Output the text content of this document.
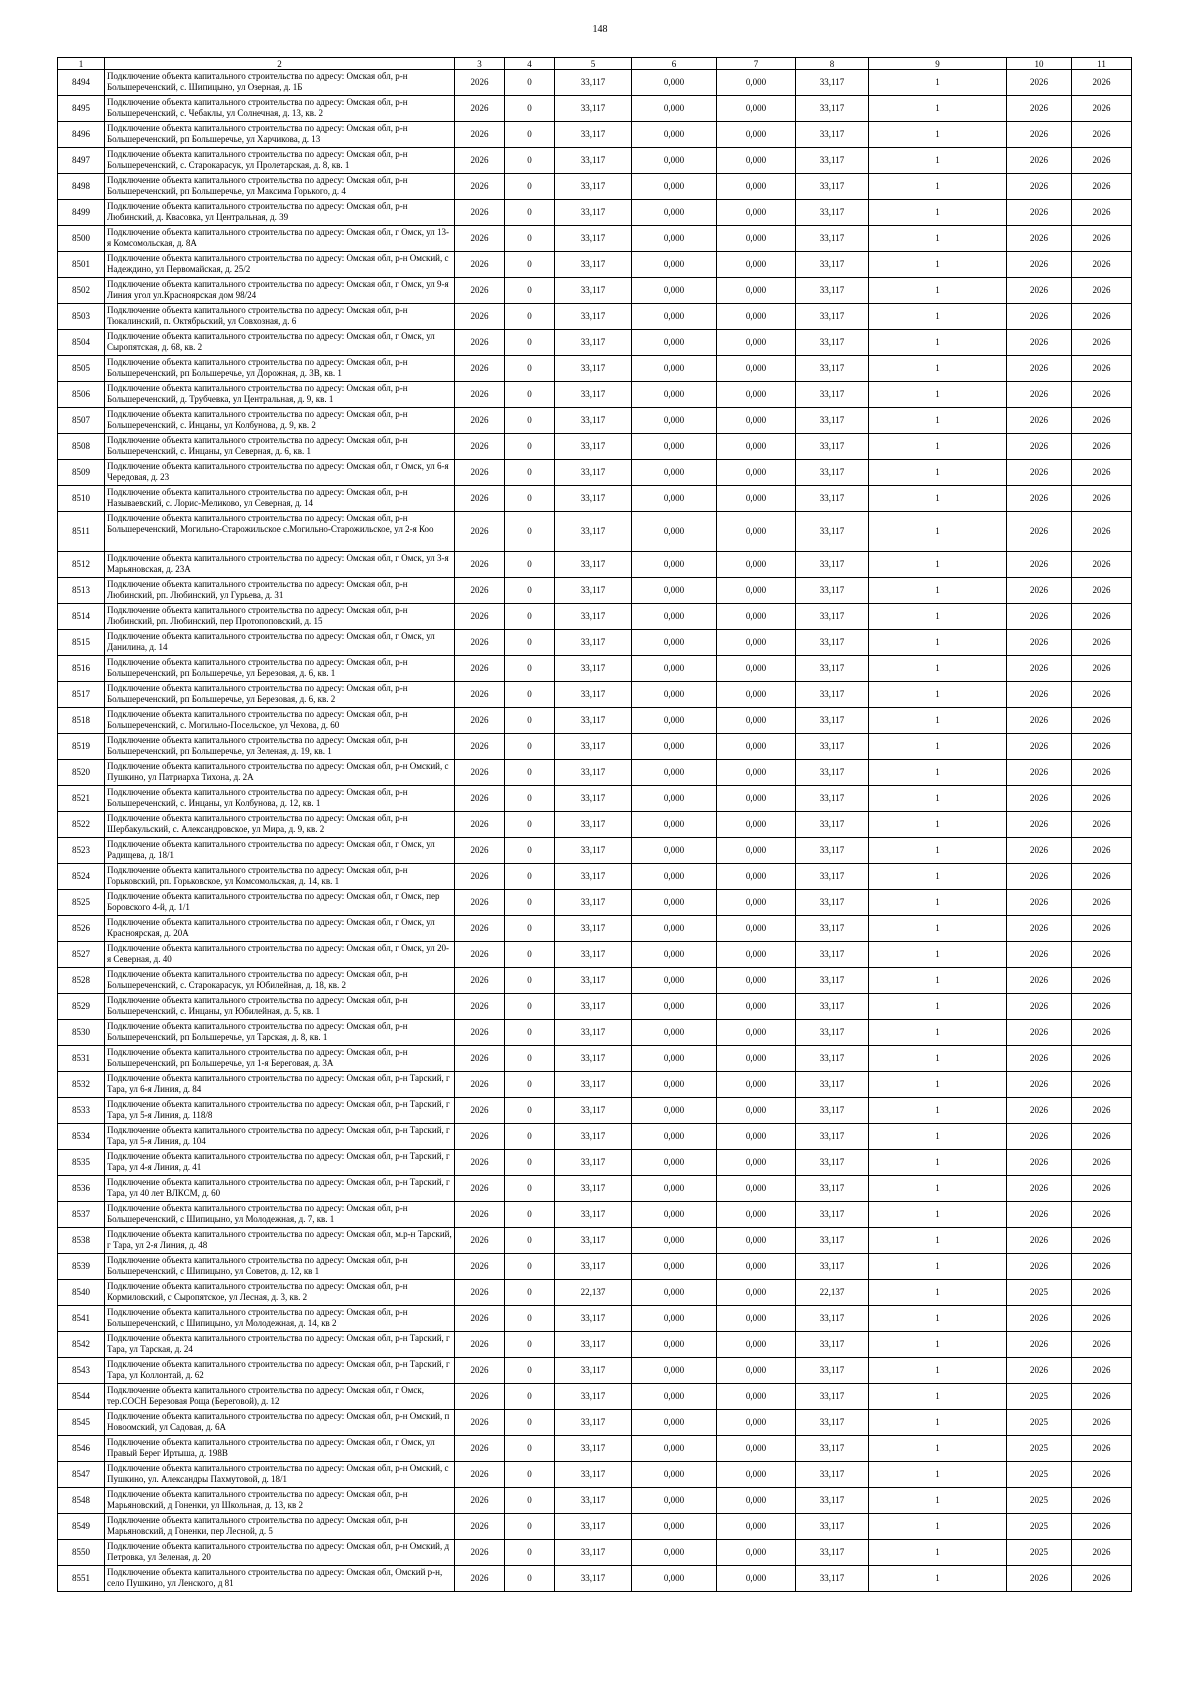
148
1	2	3	4	5	6	7	8	9	10	11
8494	Подключение объекта капитального строительства по адресу: Омская обл, р-н Большереченский, с. Шипицыно, ул Озерная, д. 1Б	2026	0	33,117	0,000	0,000	33,117	1	2026	2026
8495	Подключение объекта капитального строительства по адресу: Омская обл, р-н Большереченский, с. Чебаклы, ул Солнечная, д. 13, кв. 2	2026	0	33,117	0,000	0,000	33,117	1	2026	2026
8496	Подключение объекта капитального строительства по адресу: Омская обл, р-н Большереченский, рп Большеречье, ул Харчикова, д. 13	2026	0	33,117	0,000	0,000	33,117	1	2026	2026
8497	Подключение объекта капитального строительства по адресу: Омская обл, р-н Большереченский, с. Старокарасук, ул Пролетарская, д. 8, кв. 1	2026	0	33,117	0,000	0,000	33,117	1	2026	2026
8498	Подключение объекта капитального строительства по адресу: Омская обл, р-н Большереченский, рп Большеречье, ул Максима Горького, д. 4	2026	0	33,117	0,000	0,000	33,117	1	2026	2026
8499	Подключение объекта капитального строительства по адресу: Омская обл, р-н Любинский, д. Квасовка, ул Центральная, д. 39	2026	0	33,117	0,000	0,000	33,117	1	2026	2026
8500	Подключение объекта капитального строительства по адресу: Омская обл, г Омск, ул 13-я Комсомольская, д. 8А	2026	0	33,117	0,000	0,000	33,117	1	2026	2026
8501	Подключение объекта капитального строительства по адресу: Омская обл, р-н Омский, с Надеждино, ул Первомайская, д. 25/2	2026	0	33,117	0,000	0,000	33,117	1	2026	2026
8502	Подключение объекта капитального строительства по адресу: Омская обл, г Омск, ул 9-я Линия угол ул.Красноярская дом 98/24	2026	0	33,117	0,000	0,000	33,117	1	2026	2026
8503	Подключение объекта капитального строительства по адресу: Омская обл, р-н Тюкалинский, п. Октябрьский, ул Совхозная, д. 6	2026	0	33,117	0,000	0,000	33,117	1	2026	2026
8504	Подключение объекта капитального строительства по адресу: Омская обл, г Омск, ул Сыропятская, д. 68, кв. 2	2026	0	33,117	0,000	0,000	33,117	1	2026	2026
8505	Подключение объекта капитального строительства по адресу: Омская обл, р-н Большереченский, рп Большеречье, ул Дорожная, д. 3В, кв. 1	2026	0	33,117	0,000	0,000	33,117	1	2026	2026
8506	Подключение объекта капитального строительства по адресу: Омская обл, р-н Большереченский, д. Трубчевка, ул Центральная, д. 9, кв. 1	2026	0	33,117	0,000	0,000	33,117	1	2026	2026
8507	Подключение объекта капитального строительства по адресу: Омская обл, р-н Большереченский, с. Инцаны, ул Колбунова, д. 9, кв. 2	2026	0	33,117	0,000	0,000	33,117	1	2026	2026
8508	Подключение объекта капитального строительства по адресу: Омская обл, р-н Большереченский, с. Инцаны, ул Северная, д. 6, кв. 1	2026	0	33,117	0,000	0,000	33,117	1	2026	2026
8509	Подключение объекта капитального строительства по адресу: Омская обл, г Омск, ул 6-я Чередовая, д. 23	2026	0	33,117	0,000	0,000	33,117	1	2026	2026
8510	Подключение объекта капитального строительства по адресу: Омская обл, р-н Называевский, с. Лорис-Меликово, ул Северная, д. 14	2026	0	33,117	0,000	0,000	33,117	1	2026	2026
8511	Подключение объекта капитального строительства по адресу: Омская обл, р-н Большереченский, Могильно-Старожильское с.Могильно-Старожильское, ул 2-я Коо	2026	0	33,117	0,000	0,000	33,117	1	2026	2026
8512	Подключение объекта капитального строительства по адресу: Омская обл, г Омск, ул 3-я Марьяновская, д. 23А	2026	0	33,117	0,000	0,000	33,117	1	2026	2026
8513	Подключение объекта капитального строительства по адресу: Омская обл, р-н Любинский, рп. Любинский, ул Гурьева, д. 31	2026	0	33,117	0,000	0,000	33,117	1	2026	2026
8514	Подключение объекта капитального строительства по адресу: Омская обл, р-н Любинский, рп. Любинский, пер Протопоповский, д. 15	2026	0	33,117	0,000	0,000	33,117	1	2026	2026
8515	Подключение объекта капитального строительства по адресу: Омская обл, г Омск, ул Данилина, д. 14	2026	0	33,117	0,000	0,000	33,117	1	2026	2026
8516	Подключение объекта капитального строительства по адресу: Омская обл, р-н Большереченский, рп Большеречье, ул Березовая, д. 6, кв. 1	2026	0	33,117	0,000	0,000	33,117	1	2026	2026
8517	Подключение объекта капитального строительства по адресу: Омская обл, р-н Большереченский, рп Большеречье, ул Березовая, д. 6, кв. 2	2026	0	33,117	0,000	0,000	33,117	1	2026	2026
8518	Подключение объекта капитального строительства по адресу: Омская обл, р-н Большереченский, с. Могильно-Посельское, ул Чехова, д. 60	2026	0	33,117	0,000	0,000	33,117	1	2026	2026
8519	Подключение объекта капитального строительства по адресу: Омская обл, р-н Большереченский, рп Большеречье, ул Зеленая, д. 19, кв. 1	2026	0	33,117	0,000	0,000	33,117	1	2026	2026
8520	Подключение объекта капитального строительства по адресу: Омская обл, р-н Омский, с Пушкино, ул Патриарха Тихона, д. 2А	2026	0	33,117	0,000	0,000	33,117	1	2026	2026
8521	Подключение объекта капитального строительства по адресу: Омская обл, р-н Большереченский, с. Инцаны, ул Колбунова, д. 12, кв. 1	2026	0	33,117	0,000	0,000	33,117	1	2026	2026
8522	Подключение объекта капитального строительства по адресу: Омская обл, р-н Шербакульский, с. Александровское, ул Мира, д. 9, кв. 2	2026	0	33,117	0,000	0,000	33,117	1	2026	2026
8523	Подключение объекта капитального строительства по адресу: Омская обл, г Омск, ул Радищева, д. 18/1	2026	0	33,117	0,000	0,000	33,117	1	2026	2026
8524	Подключение объекта капитального строительства по адресу: Омская обл, р-н Горьковский, рп. Горьковское, ул Комсомольская, д. 14, кв. 1	2026	0	33,117	0,000	0,000	33,117	1	2026	2026
8525	Подключение объекта капитального строительства по адресу: Омская обл, г Омск, пер Боровского 4-й, д. 1/1	2026	0	33,117	0,000	0,000	33,117	1	2026	2026
8526	Подключение объекта капитального строительства по адресу: Омская обл, г Омск, ул Красноярская, д. 20А	2026	0	33,117	0,000	0,000	33,117	1	2026	2026
8527	Подключение объекта капитального строительства по адресу: Омская обл, г Омск, ул 20-я Северная, д. 40	2026	0	33,117	0,000	0,000	33,117	1	2026	2026
8528	Подключение объекта капитального строительства по адресу: Омская обл, р-н Большереченский, с. Старокарасук, ул Юбилейная, д. 18, кв. 2	2026	0	33,117	0,000	0,000	33,117	1	2026	2026
8529	Подключение объекта капитального строительства по адресу: Омская обл, р-н Большереченский, с. Инцаны, ул Юбилейная, д. 5, кв. 1	2026	0	33,117	0,000	0,000	33,117	1	2026	2026
8530	Подключение объекта капитального строительства по адресу: Омская обл, р-н Большереченский, рп Большеречье, ул Тарская, д. 8, кв. 1	2026	0	33,117	0,000	0,000	33,117	1	2026	2026
8531	Подключение объекта капитального строительства по адресу: Омская обл, р-н Большереченский, рп Большеречье, ул 1-я Береговая, д. 3А	2026	0	33,117	0,000	0,000	33,117	1	2026	2026
8532	Подключение объекта капитального строительства по адресу: Омская обл, р-н Тарский, г Тара, ул 6-я Линия, д. 84	2026	0	33,117	0,000	0,000	33,117	1	2026	2026
8533	Подключение объекта капитального строительства по адресу: Омская обл, р-н Тарский, г Тара, ул 5-я Линия, д. 118/8	2026	0	33,117	0,000	0,000	33,117	1	2026	2026
8534	Подключение объекта капитального строительства по адресу: Омская обл, р-н Тарский, г Тара, ул 5-я Линия, д. 104	2026	0	33,117	0,000	0,000	33,117	1	2026	2026
8535	Подключение объекта капитального строительства по адресу: Омская обл, р-н Тарский, г Тара, ул 4-я Линия, д. 41	2026	0	33,117	0,000	0,000	33,117	1	2026	2026
8536	Подключение объекта капитального строительства по адресу: Омская обл, р-н Тарский, г Тара, ул 40 лет ВЛКСМ, д. 60	2026	0	33,117	0,000	0,000	33,117	1	2026	2026
8537	Подключение объекта капитального строительства по адресу: Омская обл, р-н Большереченский, с Шипицыно, ул Молодежная, д. 7, кв. 1	2026	0	33,117	0,000	0,000	33,117	1	2026	2026
8538	Подключение объекта капитального строительства по адресу: Омская обл, м.р-н Тарский, г Тара, ул 2-я Линия, д. 48	2026	0	33,117	0,000	0,000	33,117	1	2026	2026
8539	Подключение объекта капитального строительства по адресу: Омская обл, р-н Большереченский, с Шипицыно, ул Советов, д. 12, кв 1	2026	0	33,117	0,000	0,000	33,117	1	2026	2026
8540	Подключение объекта капитального строительства по адресу: Омская обл, р-н Кормиловский, с Сыропятское, ул Лесная, д. 3, кв. 2	2026	0	22,137	0,000	0,000	22,137	1	2025	2026
8541	Подключение объекта капитального строительства по адресу: Омская обл, р-н Большереченский, с Шипицыно, ул Молодежная, д. 14, кв 2	2026	0	33,117	0,000	0,000	33,117	1	2026	2026
8542	Подключение объекта капитального строительства по адресу: Омская обл, р-н Тарский, г Тара, ул Тарская, д. 24	2026	0	33,117	0,000	0,000	33,117	1	2026	2026
8543	Подключение объекта капитального строительства по адресу: Омская обл, р-н Тарский, г Тара, ул Коллонтай, д. 62	2026	0	33,117	0,000	0,000	33,117	1	2026	2026
8544	Подключение объекта капитального строительства по адресу: Омская обл, г Омск, тер.СОСН Березовая Роща (Береговой), д. 12	2026	0	33,117	0,000	0,000	33,117	1	2025	2026
8545	Подключение объекта капитального строительства по адресу: Омская обл, р-н Омский, п Новоомский, ул Садовая, д. 6А	2026	0	33,117	0,000	0,000	33,117	1	2025	2026
8546	Подключение объекта капитального строительства по адресу: Омская обл, г Омск, ул Правый Берег Иртыша, д. 198В	2026	0	33,117	0,000	0,000	33,117	1	2025	2026
8547	Подключение объекта капитального строительства по адресу: Омская обл, р-н Омский, с Пушкино, ул. Александры Пахмутовой, д. 18/1	2026	0	33,117	0,000	0,000	33,117	1	2025	2026
8548	Подключение объекта капитального строительства по адресу: Омская обл, р-н Марьяновский, д Гоненки, ул Школьная, д. 13, кв 2	2026	0	33,117	0,000	0,000	33,117	1	2025	2026
8549	Подключение объекта капитального строительства по адресу: Омская обл, р-н Марьяновский, д Гоненки, пер Лесной, д. 5	2026	0	33,117	0,000	0,000	33,117	1	2025	2026
8550	Подключение объекта капитального строительства по адресу: Омская обл, р-н Омский, д Петровка, ул Зеленая, д. 20	2026	0	33,117	0,000	0,000	33,117	1	2025	2026
8551	Подключение объекта капитального строительства по адресу: Омская обл, Омский р-н, село Пушкино, ул Ленского, д 81	2026	0	33,117	0,000	0,000	33,117	1	2026	2026
